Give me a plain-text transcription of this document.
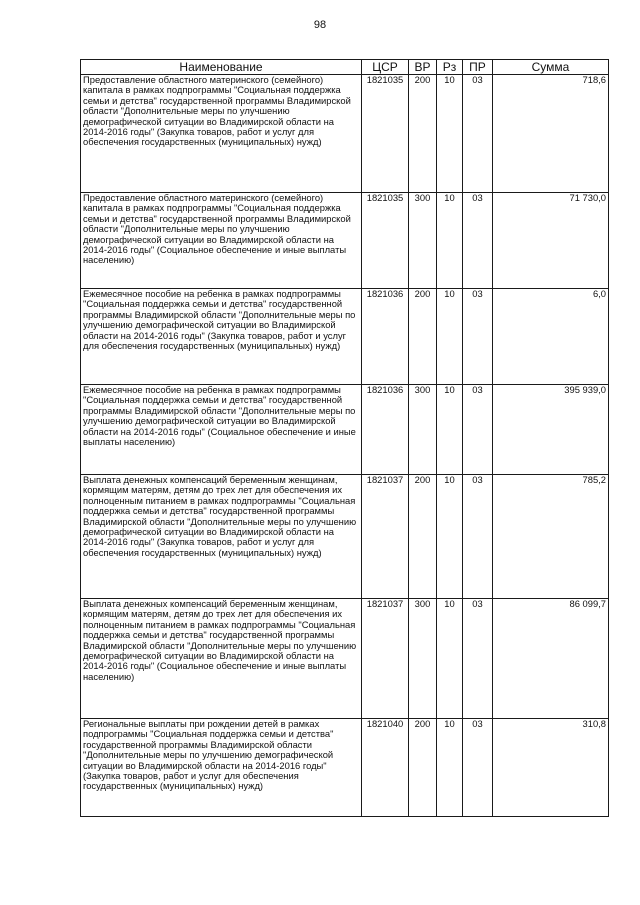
98
Наименование	ЦСР	ВР	Рз	ПР	Сумма
Предоставление областного материнского (семейного) капитала в рамках подпрограммы "Социальная поддержка семьи и детства" государственной программы Владимирской области "Дополнительные меры по улучшению демографической ситуации во Владимирской области на 2014-2016 годы" (Закупка товаров, работ и услуг для обеспечения государственных (муниципальных) нужд)	1821035	200	10	03	718,6
Предоставление областного материнского (семейного) капитала в рамках подпрограммы "Социальная поддержка семьи и детства" государственной программы Владимирской области "Дополнительные меры по улучшению демографической ситуации во Владимирской области на 2014-2016 годы" (Социальное обеспечение и иные выплаты населению)	1821035	300	10	03	71 730,0
Ежемесячное пособие на ребенка в рамках подпрограммы "Социальная поддержка семьи и детства" государственной программы Владимирской области "Дополнительные меры по улучшению демографической ситуации во Владимирской области на 2014-2016 годы" (Закупка товаров, работ и услуг для обеспечения государственных (муниципальных) нужд)	1821036	200	10	03	6,0
Ежемесячное пособие на ребенка в рамках подпрограммы "Социальная поддержка семьи и детства" государственной программы Владимирской области "Дополнительные меры по улучшению демографической ситуации во Владимирской области на 2014-2016 годы" (Социальное обеспечение и иные выплаты населению)	1821036	300	10	03	395 939,0
Выплата денежных компенсаций беременным женщинам, кормящим матерям, детям до трех лет для обеспечения их полноценным питанием в рамках подпрограммы "Социальная поддержка семьи и детства" государственной программы Владимирской области "Дополнительные меры по улучшению демографической ситуации во Владимирской области на 2014-2016 годы" (Закупка товаров, работ и услуг для обеспечения государственных (муниципальных) нужд)	1821037	200	10	03	785,2
Выплата денежных компенсаций беременным женщинам, кормящим матерям, детям до трех лет для обеспечения их полноценным питанием в рамках подпрограммы "Социальная поддержка семьи и детства" государственной программы Владимирской области "Дополнительные меры по улучшению демографической ситуации во Владимирской области на 2014-2016 годы" (Социальное обеспечение и иные выплаты населению)	1821037	300	10	03	86 099,7
Региональные выплаты при рождении детей в рамках подпрограммы "Социальная поддержка семьи и детства" государственной программы Владимирской области "Дополнительные меры по улучшению демографической ситуации во Владимирской области на 2014-2016 годы" (Закупка товаров, работ и услуг для обеспечения государственных (муниципальных) нужд)	1821040	200	10	03	310,8
